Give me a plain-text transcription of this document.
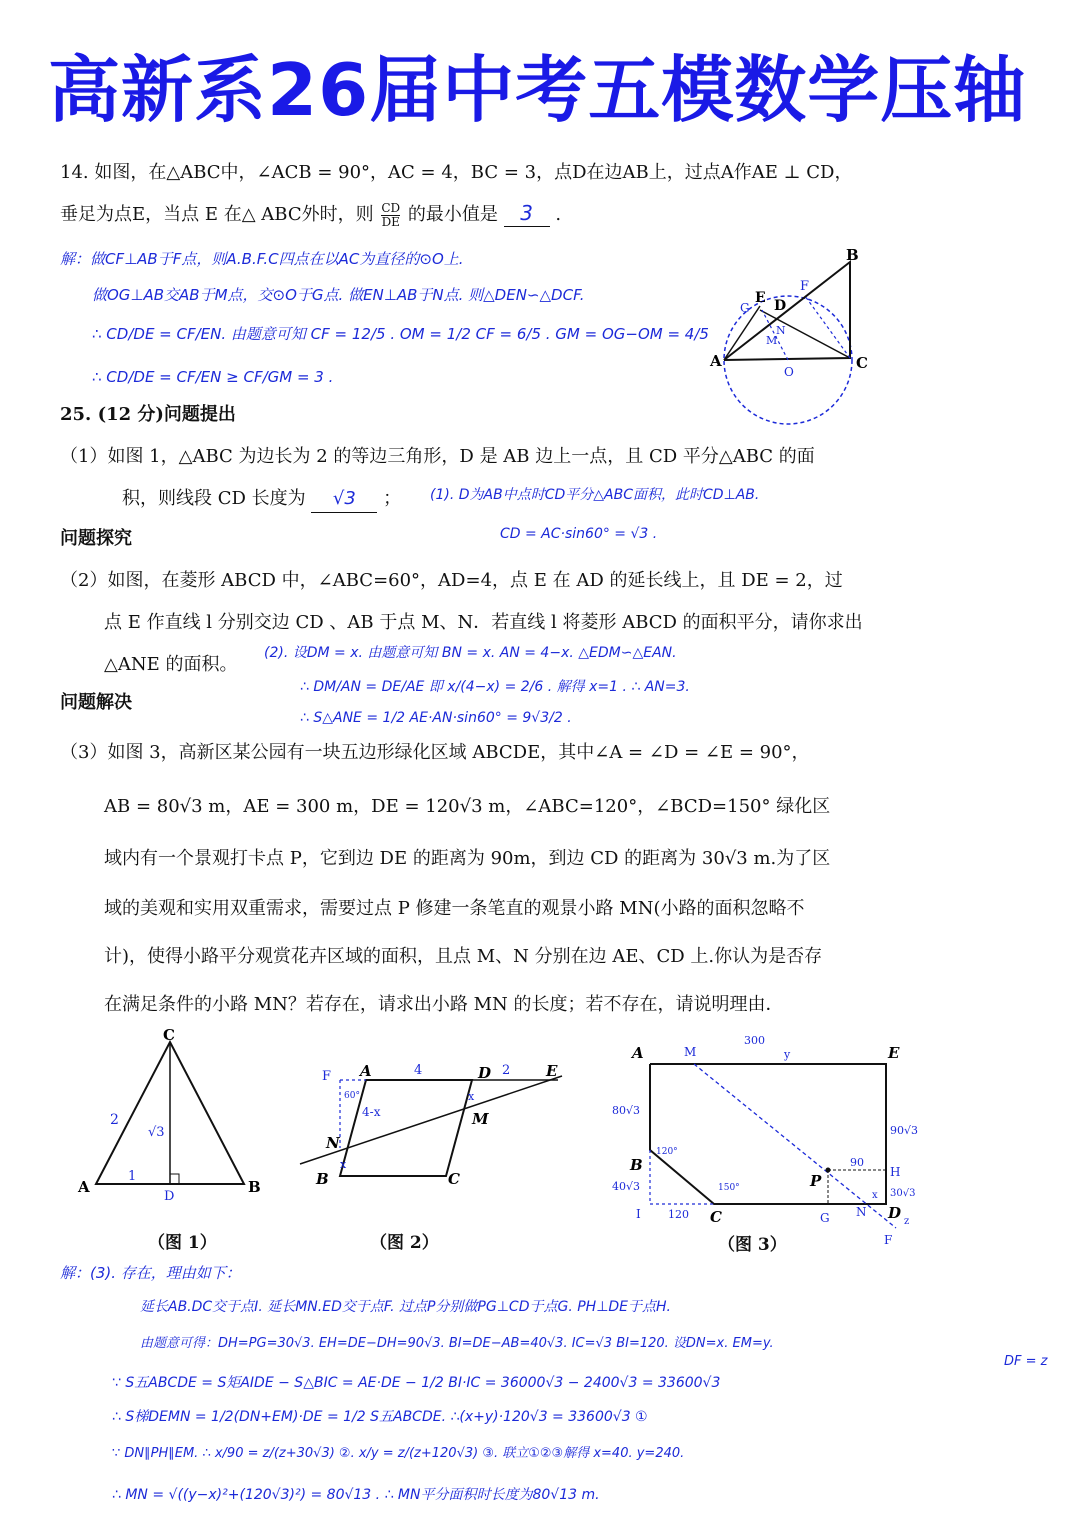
高新系26届中考五模数学压轴
14. 如图，在△ABC中，∠ACB = 90°，AC = 4，BC = 3，点D在边AB上，过点A作AE ⊥ CD，
垂足为点E，当点 E 在△ ABC外时，则 $\frac{CD}{DE}$ 的最小值是 3 .
解：做CF⊥AB于F点，则A.B.F.C四点在以AC为直径的⊙O上.
做OG⊥AB交AB于M点，交⊙O于G点. 做EN⊥AB于N点. 则△DEN∽△DCF.
∴ CD/DE = CF/EN. 由题意可知 CF = 12/5 . OM = 1/2 CF = 6/5 . GM = OG−OM = 4/5
∴ CD/DE = CF/EN ≥ CF/GM = 3 .
A
B
C
D
E
F
G
M
N
O
25. (12 分)问题提出
（1）如图 1，△ABC 为边长为 2 的等边三角形，D 是 AB 边上一点，且 CD 平分△ABC 的面
积，则线段 CD 长度为 √3 ； (1). D为AB中点时CD平分△ABC面积，此时CD⊥AB.
CD = AC·sin60° = √3 .
问题探究
（2）如图，在菱形 ABCD 中，∠ABC=60°，AD=4，点 E 在 AD 的延长线上，且 DE = 2，过
点 E 作直线 l 分别交边 CD 、AB 于点 M、N．若直线 l 将菱形 ABCD 的面积平分，请你求出
△ANE 的面积。
(2). 设DM = x. 由题意可知 BN = x. AN = 4−x. △EDM∽△EAN.
∴ DM/AN = DE/AE 即 x/(4−x) = 2/6 . 解得 x=1 . ∴ AN=3.
∴ S△ANE = 1/2 AE·AN·sin60° = 9√3/2 .
问题解决
（3）如图 3，高新区某公园有一块五边形绿化区域 ABCDE，其中∠A = ∠D = ∠E = 90°，
AB = 80√3 m，AE = 300 m，DE = 120√3 m，∠ABC=120°，∠BCD=150° 绿化区
域内有一个景观打卡点 P，它到边 DE 的距离为 90m，到边 CD 的距离为 30√3 m.为了区
域的美观和实用双重需求，需要过点 P 修建一条笔直的观景小路 MN(小路的面积忽略不
计)，使得小路平分观赏花卉区域的面积，且点 M、N 分别在边 AE、CD 上.你认为是否存
在满足条件的小路 MN？若存在，请求出小路 MN 的长度；若不存在，请说明理由．
A	B
C
D
2
√3
1
（图 1）
A	D	E
M
N
B	C
F	4	2
4-x
60°	x
x
（图 2）
A	E
B
C	D
P
M
N
G
H
I
F
300
y
80√3
90√3
40√3
120
120°
150°
90
30√3
z
x
（图 3）
解：(3). 存在，理由如下：
延长AB.DC交于点I. 延长MN.ED交于点F. 过点P分别做PG⊥CD于点G. PH⊥DE于点H.
由题意可得：DH=PG=30√3. EH=DE−DH=90√3. BI=DE−AB=40√3. IC=√3 BI=120. 设DN=x. EM=y.
DF = z
∵ S五ABCDE = S矩AIDE − S△BIC = AE·DE − 1/2 BI·IC = 36000√3 − 2400√3 = 33600√3
∴ S梯DEMN = 1/2(DN+EM)·DE = 1/2 S五ABCDE. ∴(x+y)·120√3 = 33600√3 ①
∵ DN∥PH∥EM. ∴ x/90 = z/(z+30√3) ②. x/y = z/(z+120√3) ③. 联立①②③解得 x=40. y=240.
∴ MN = √((y−x)²+(120√3)²) = 80√13 . ∴ MN平分面积时长度为80√13 m.
